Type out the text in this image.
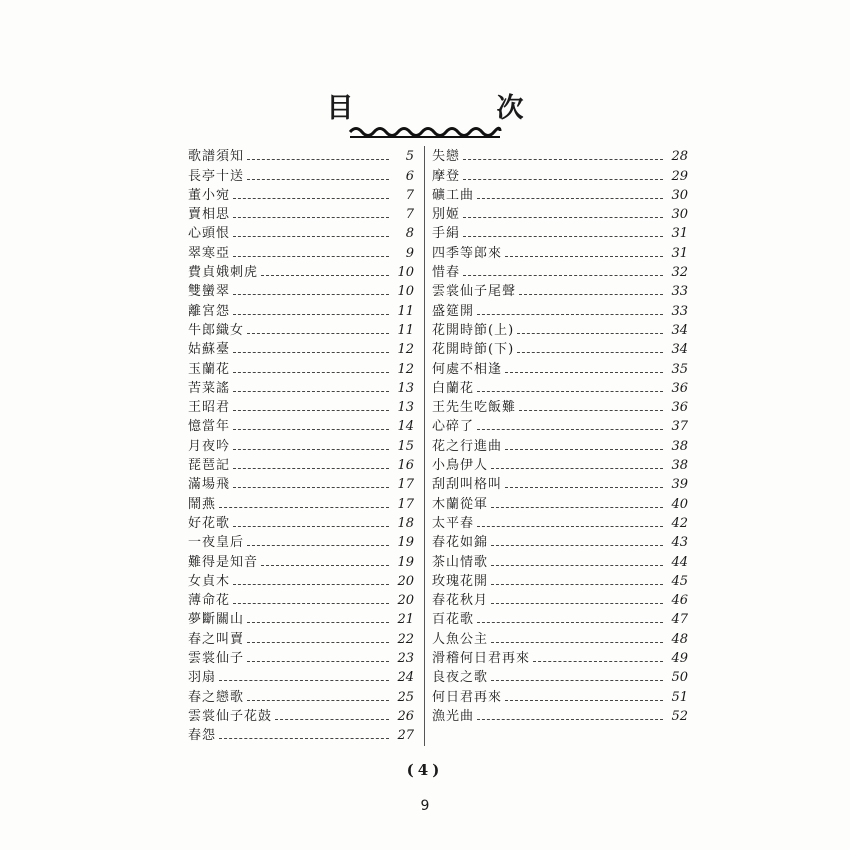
目　次
歌譜須知	5
長亭十送	6
董小宛	7
賣相思	7
心頭恨	8
翠寒亞	9
費貞娥刺虎	10
雙蠻翠	10
離宮怨	11
牛郎織女	11
姑蘇臺	12
玉蘭花	12
苦菜謠	13
王昭君	13
憶當年	14
月夜吟	15
琵琶記	16
滿場飛	17
鬧燕	17
好花歌	18
一夜皇后	19
難得是知音	19
女貞木	20
薄命花	20
夢斷關山	21
春之叫賣	22
雲裳仙子	23
羽扇	24
春之戀歌	25
雲裳仙子花鼓	26
春怨	27
失戀	28
摩登	29
礦工曲	30
別姬	30
手絹	31
四季等郎來	31
惜春	32
雲裳仙子尾聲	33
盛筵開	33
花開時節(上)	34
花開時節(下)	34
何處不相逢	35
白蘭花	36
王先生吃飯難	36
心碎了	37
花之行進曲	38
小鳥伊人	38
刮刮叫格叫	39
木蘭從軍	40
太平春	42
春花如錦	43
茶山情歌	44
玫瑰花開	45
春花秋月	46
百花歌	47
人魚公主	48
滑稽何日君再來	49
良夜之歌	50
何日君再來	51
漁光曲	52
(4)
9
